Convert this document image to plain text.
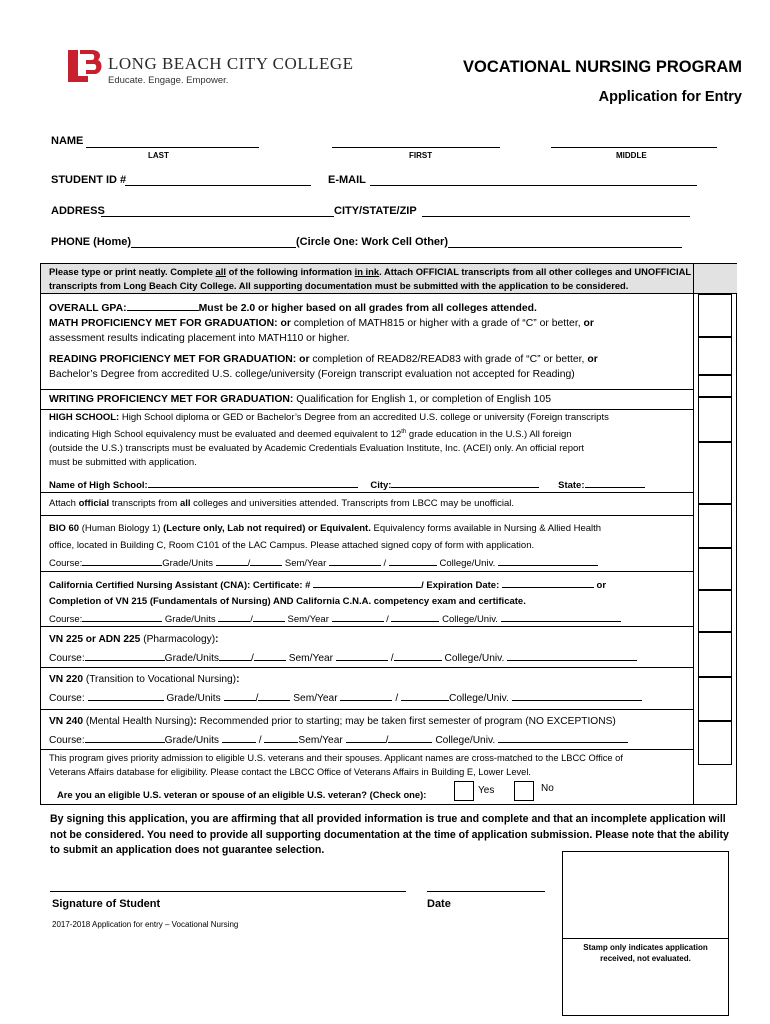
LONG BEACH CITY COLLEGE
Educate. Engage. Empower.
VOCATIONAL NURSING PROGRAM
Application for Entry
NAME
LAST	FIRST	MIDDLE
STUDENT ID #	E-MAIL
ADDRESS	CITY/STATE/ZIP
PHONE (Home)	(Circle One: Work Cell Other)
Please type or print neatly. Complete all of the following information in ink. Attach OFFICIAL transcripts from all other colleges and UNOFFICIAL transcripts from Long Beach City College. All supporting documentation must be submitted with the application to be considered.
OVERALL GPA:	Must be 2.0 or higher based on all grades from all colleges attended.
MATH PROFICIENCY MET FOR GRADUATION: or completion of MATH815 or higher with a grade of “C” or better, or
assessment results indicating placement into MATH110 or higher.
READING PROFICIENCY MET FOR GRADUATION: or completion of READ82/READ83 with grade of “C” or better, or
Bachelor’s Degree from accredited U.S. college/university (Foreign transcript evaluation not accepted for Reading)
WRITING PROFICIENCY MET FOR GRADUATION: Qualification for English 1, or completion of English 105
HIGH SCHOOL: High School diploma or GED or Bachelor’s Degree from an accredited U.S. college or university (Foreign transcripts
indicating High School equivalency must be evaluated and deemed equivalent to 12th grade education in the U.S.) All foreign
(outside the U.S.) transcripts must be evaluated by Academic Credentials Evaluation Institute, Inc. (ACEI) only. An official report
must be submitted with application.
Name of High School:	City:	State:
Attach official transcripts from all colleges and universities attended. Transcripts from LBCC may be unofficial.
BIO 60 (Human Biology 1) (Lecture only, Lab not required) or Equivalent. Equivalency forms available in Nursing & Allied Health
office, located in Building C, Room C101 of the LAC Campus. Please attached signed copy of form with application.
Course:	Grade/Units	/	Sem/Year	/	College/Univ.
California Certified Nursing Assistant (CNA): Certificate: #	/ Expiration Date:	or
Completion of VN 215 (Fundamentals of Nursing) AND California C.N.A. competency exam and certificate.
Course:	Grade/Units	/	Sem/Year	/	College/Univ.
VN 225 or ADN 225 (Pharmacology):
Course:	Grade/Units	/	Sem/Year	/	College/Univ.
VN 220 (Transition to Vocational Nursing):
Course:	Grade/Units	/	Sem/Year	/	College/Univ.
VN 240 (Mental Health Nursing): Recommended prior to starting; may be taken first semester of program (NO EXCEPTIONS)
Course:	Grade/Units	/	Sem/Year	/	College/Univ.
This program gives priority admission to eligible U.S. veterans and their spouses. Applicant names are cross-matched to the LBCC Office of
Veterans Affairs database for eligibility. Please contact the LBCC Office of Veterans Affairs in Building E, Lower Level.
Are you an eligible U.S. veteran or spouse of an eligible U.S. veteran? (Check one):	Yes	No
By signing this application, you are affirming that all provided information is true and complete and that an incomplete application will not be considered. You need to provide all supporting documentation at the time of application submission. Please note that the ability to submit an application does not guarantee selection.
Signature of Student	Date
2017-2018 Application for entry – Vocational Nursing
Stamp only indicates application received, not evaluated.
